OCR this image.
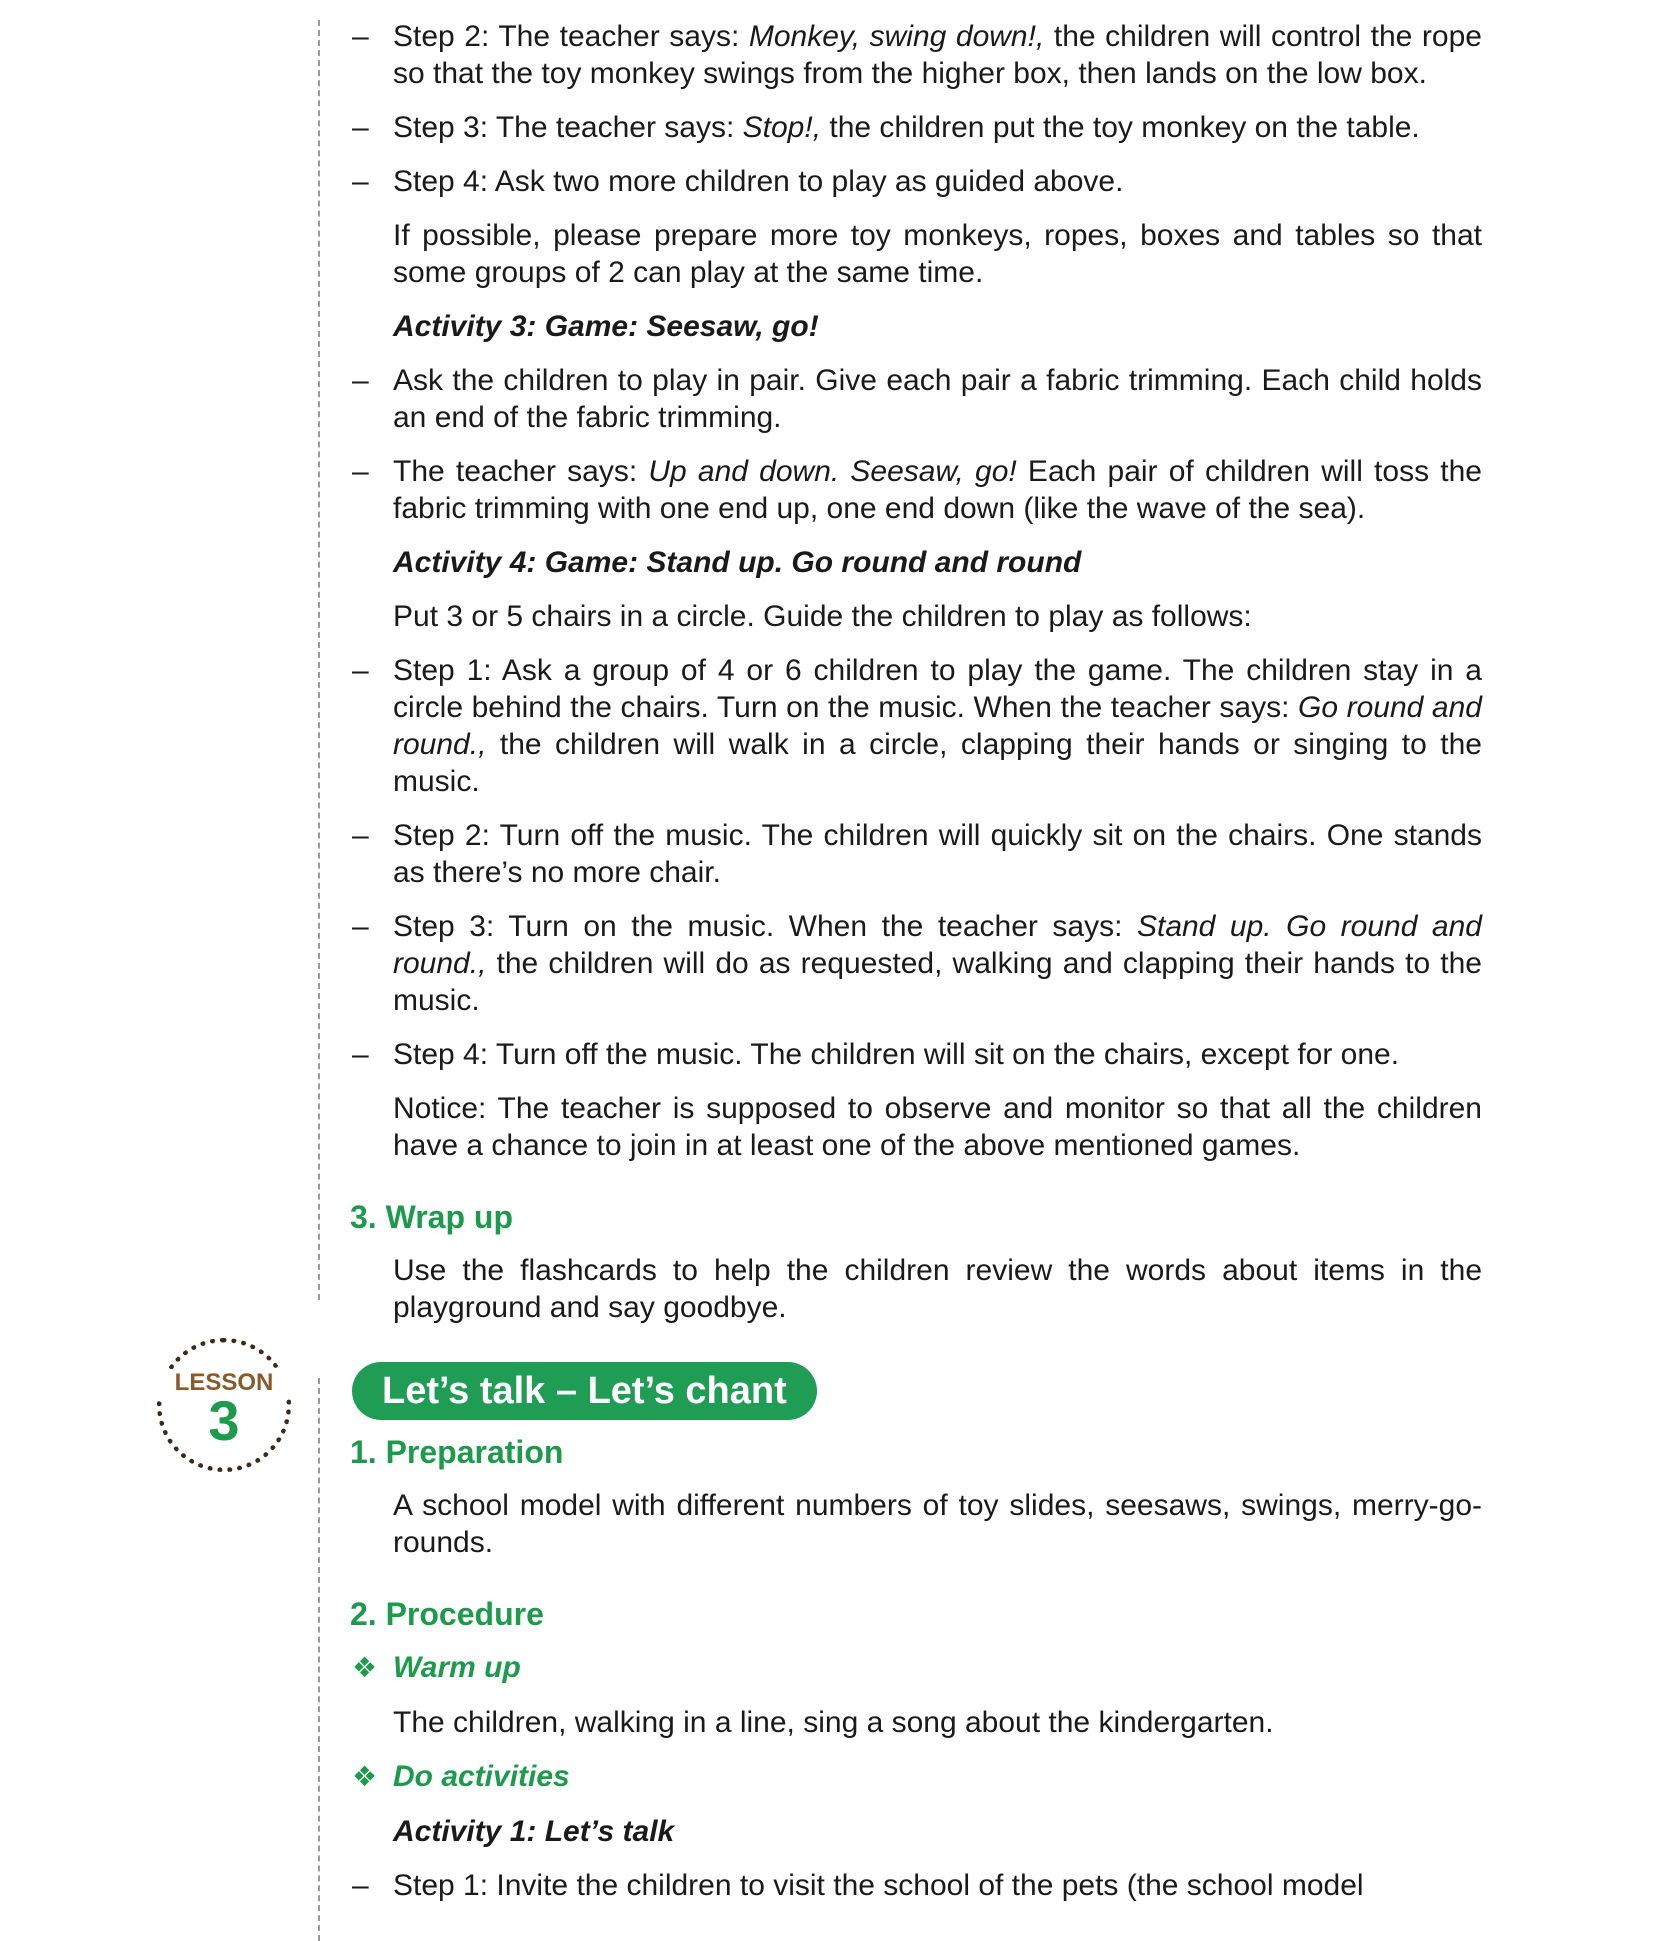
– Step 2: The teacher says: Monkey, swing down!, the children will control the rope so that the toy monkey swings from the higher box, then lands on the low box.
– Step 3: The teacher says: Stop!, the children put the toy monkey on the table.
– Step 4: Ask two more children to play as guided above.
If possible, please prepare more toy monkeys, ropes, boxes and tables so that some groups of 2 can play at the same time.
Activity 3: Game: Seesaw, go!
– Ask the children to play in pair. Give each pair a fabric trimming. Each child holds an end of the fabric trimming.
– The teacher says: Up and down. Seesaw, go! Each pair of children will toss the fabric trimming with one end up, one end down (like the wave of the sea).
Activity 4: Game: Stand up. Go round and round
Put 3 or 5 chairs in a circle. Guide the children to play as follows:
– Step 1: Ask a group of 4 or 6 children to play the game. The children stay in a circle behind the chairs. Turn on the music. When the teacher says: Go round and round., the children will walk in a circle, clapping their hands or singing to the music.
– Step 2: Turn off the music. The children will quickly sit on the chairs. One stands as there’s no more chair.
– Step 3: Turn on the music. When the teacher says: Stand up. Go round and round., the children will do as requested, walking and clapping their hands to the music.
– Step 4: Turn off the music. The children will sit on the chairs, except for one.
Notice: The teacher is supposed to observe and monitor so that all the children have a chance to join in at least one of the above mentioned games.
3. Wrap up
Use the flashcards to help the children review the words about items in the playground and say goodbye.
LESSON
3	Let’s talk – Let’s chant
1. Preparation
A school model with different numbers of toy slides, seesaws, swings, merry-go-rounds.
2. Procedure
❖ Warm up
The children, walking in a line, sing a song about the kindergarten.
❖ Do activities
Activity 1: Let’s talk
– Step 1: Invite the children to visit the school of the pets (the school model
